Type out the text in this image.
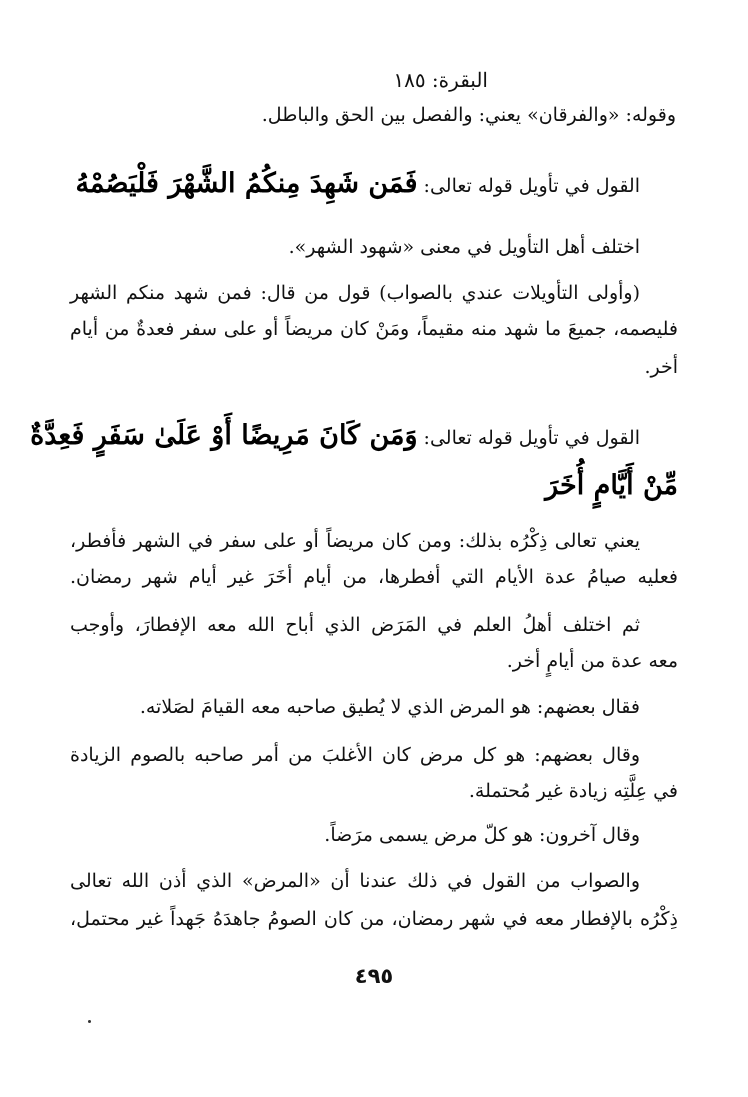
البقرة: ١٨٥
وقوله: «والفرقان» يعني: والفصل بين الحق والباطل.
القول في تأويل قوله تعالى: فَمَن شَهِدَ مِنكُمُ الشَّهْرَ فَلْيَصُمْهُ
اختلف أهل التأويل في معنى «شهود الشهر».
(وأولى التأويلات عندي بالصواب) قول من قال: فمن شهد منكم الشهر
فليصمه، جميعَ ما شهد منه مقيماً، ومَنْ كان مريضاً أو على سفر فعدةٌ من أيام
أخر.
القول في تأويل قوله تعالى: وَمَن كَانَ مَرِيضًا أَوْ عَلَىٰ سَفَرٍ فَعِدَّةٌ
مِّنْ أَيَّامٍ أُخَرَ
يعني تعالى ذِكْرُه بذلك: ومن كان مريضاً أو على سفر في الشهر فأفطر،
فعليه صيامُ عدة الأيام التي أفطرها، من أيام أخَرَ غير أيام شهر رمضان.
ثم اختلف أهلُ العلم في المَرَض الذي أباح الله معه الإفطارَ، وأوجب
معه عدة من أيامٍ أخر.
فقال بعضهم: هو المرض الذي لا يُطيق صاحبه معه القيامَ لصَلاته.
وقال بعضهم: هو كل مرض كان الأغلبَ من أمر صاحبه بالصوم الزيادة
في عِلَّتِه زيادة غير مُحتملة.
وقال آخرون: هو كلّ مرض يسمى مرَضاً.
والصواب من القول في ذلك عندنا أن «المرض» الذي أذن الله تعالى
ذِكْرُه بالإفطار معه في شهر رمضان، من كان الصومُ جاهدَهُ جَهداً غير محتمل،
٤٩٥
